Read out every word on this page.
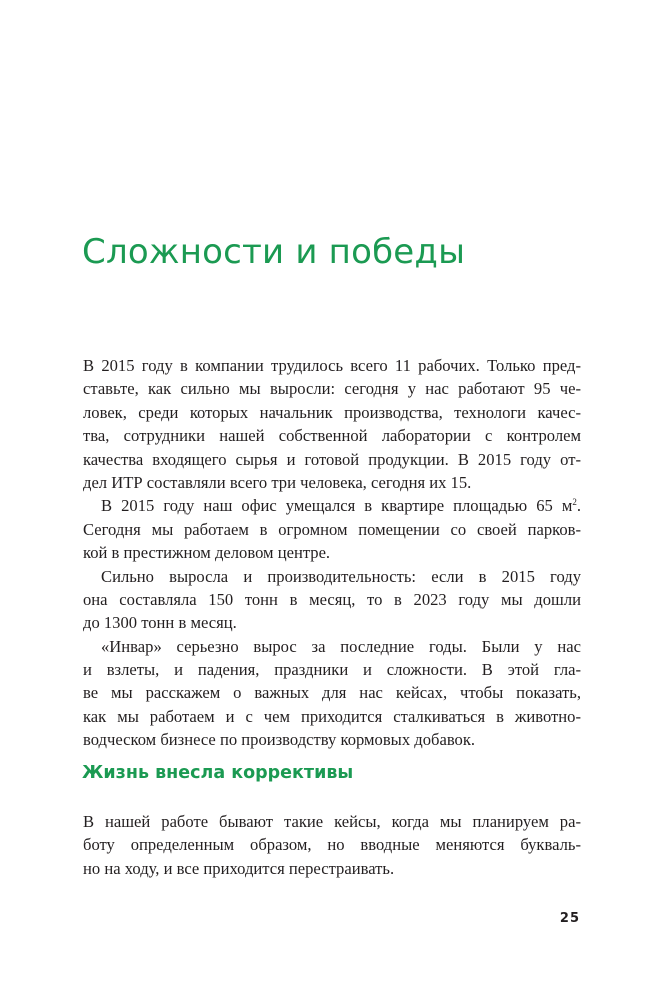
Сложности и победы
В 2015 году в компании трудилось всего 11 рабочих. Только пред-
ставьте, как сильно мы выросли: сегодня у нас работают 95 че-
ловек, среди которых начальник производства, технологи качес-
тва, сотрудники нашей собственной лаборатории с контролем
качества входящего сырья и готовой продукции. В 2015 году от-
дел ИТР составляли всего три человека, сегодня их 15.
В 2015 году наш офис умещался в квартире площадью 65 $м^2$.
Сегодня мы работаем в огромном помещении со своей парков-
кой в престижном деловом центре.
Сильно выросла и производительность: если в 2015 году
она составляла 150 тонн в месяц, то в 2023 году мы дошли
до 1300 тонн в месяц.
«Инвар» серьезно вырос за последние годы. Были у нас
и взлеты, и падения, праздники и сложности. В этой гла-
ве мы расскажем о важных для нас кейсах, чтобы показать,
как мы работаем и с чем приходится сталкиваться в животно-
водческом бизнесе по производству кормовых добавок.
Жизнь внесла коррективы
В нашей работе бывают такие кейсы, когда мы планируем ра-
боту определенным образом, но вводные меняются букваль-
но на ходу, и все приходится перестраивать.
25
